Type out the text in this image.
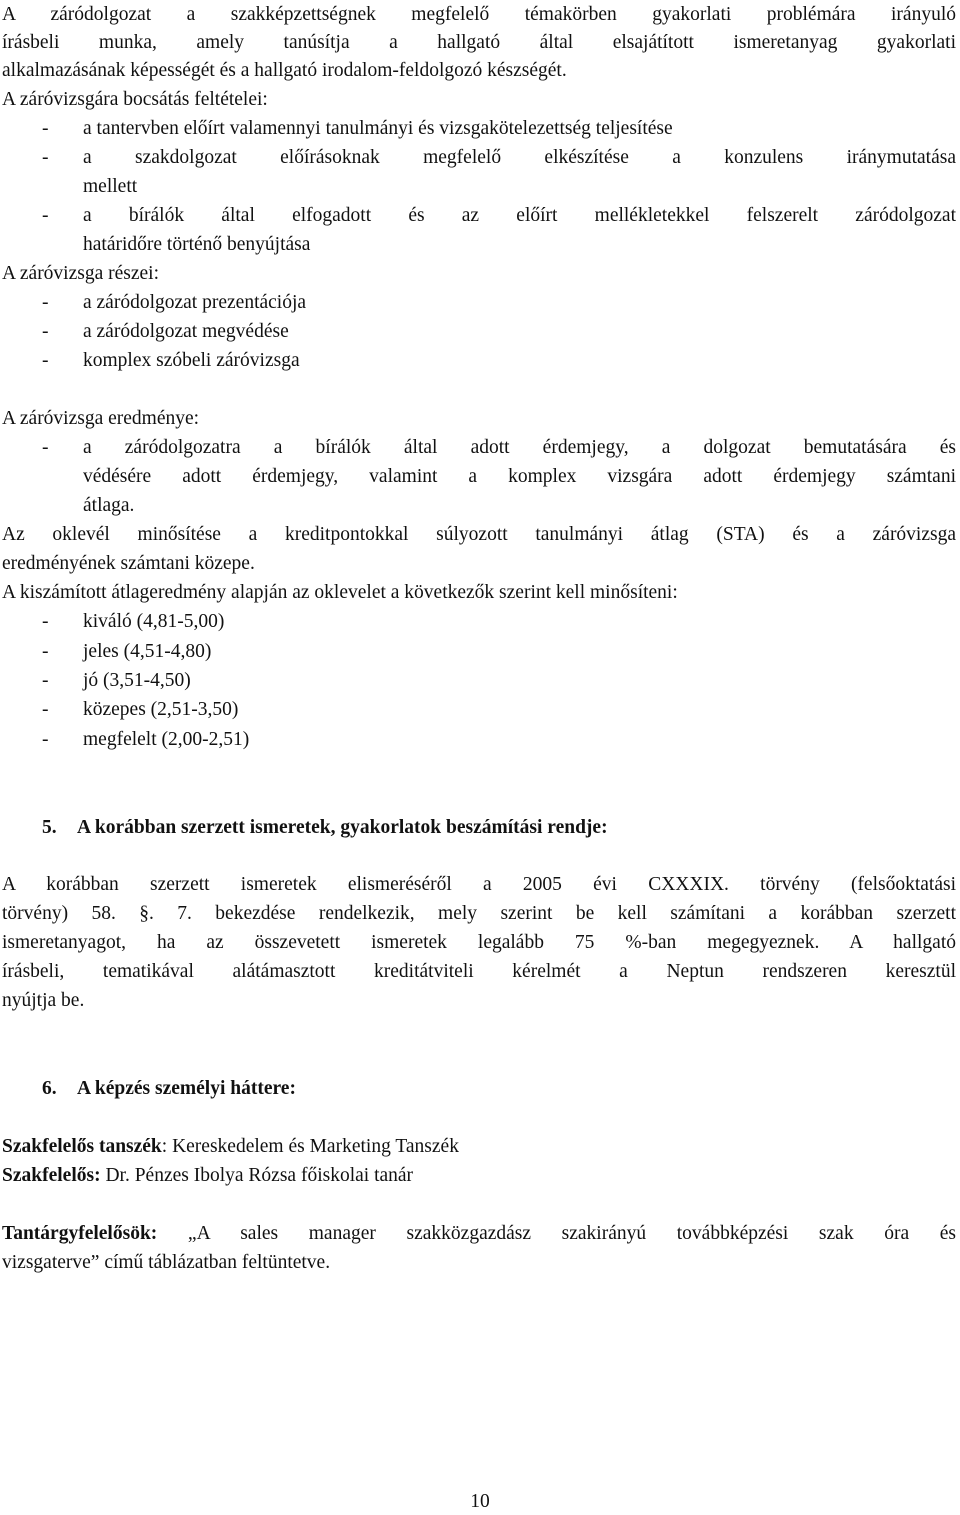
A záródolgozat a szakképzettségnek megfelelő témakörben gyakorlati problémára irányuló
írásbeli munka, amely tanúsítja a hallgató által elsajátított ismeretanyag gyakorlati
alkalmazásának képességét és a hallgató irodalom-feldolgozó készségét.
A záróvizsgára bocsátás feltételei:
- a tantervben előírt valamennyi tanulmányi és vizsgakötelezettség teljesítése
- a szakdolgozat előírásoknak megfelelő elkészítése a konzulens iránymutatása
mellett
- a bírálók által elfogadott és az előírt mellékletekkel felszerelt záródolgozat
határidőre történő benyújtása
A záróvizsga részei:
- a záródolgozat prezentációja
- a záródolgozat megvédése
- komplex szóbeli záróvizsga
A záróvizsga eredménye:
- a záródolgozatra a bírálók által adott érdemjegy, a dolgozat bemutatására és
védésére adott érdemjegy, valamint a komplex vizsgára adott érdemjegy számtani
átlaga.
Az oklevél minősítése a kreditpontokkal súlyozott tanulmányi átlag (STA) és a záróvizsga
eredményének számtani közepe.
A kiszámított átlageredmény alapján az oklevelet a következők szerint kell minősíteni:
- kiváló (4,81-5,00)
- jeles (4,51-4,80)
- jó (3,51-4,50)
- közepes (2,51-3,50)
- megfelelt (2,00-2,51)
5. A korábban szerzett ismeretek, gyakorlatok beszámítási rendje:
A korábban szerzett ismeretek elismeréséről a 2005 évi CXXXIX. törvény (felsőoktatási
törvény) 58. §. 7. bekezdése rendelkezik, mely szerint be kell számítani a korábban szerzett
ismeretanyagot, ha az összevetett ismeretek legalább 75 %-ban megegyeznek. A hallgató
írásbeli, tematikával alátámasztott kreditátviteli kérelmét a Neptun rendszeren keresztül
nyújtja be.
6. A képzés személyi háttere:
Szakfelelős tanszék: Kereskedelem és Marketing Tanszék
Szakfelelős: Dr. Pénzes Ibolya Rózsa főiskolai tanár
Tantárgyfelelősök: „A sales manager szakközgazdász szakirányú továbbképzési szak óra és
vizsgaterve” című táblázatban feltüntetve.
10
